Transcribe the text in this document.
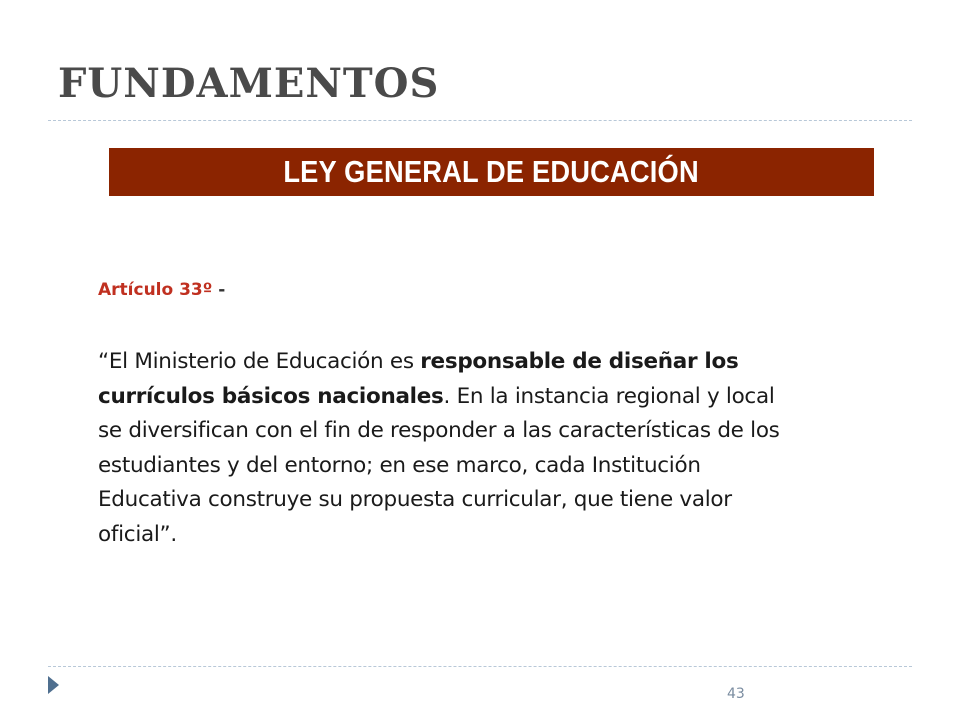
FUNDAMENTOS
LEY GENERAL DE EDUCACIÓN
Artículo 33º -

“El Ministerio de Educación es responsable de diseñar los
currículos básicos nacionales. En la instancia regional y local
se diversifican con el fin de responder a las características de los
estudiantes y del entorno; en ese marco, cada Institución
Educativa construye su propuesta curricular, que tiene valor
oficial”.

43
